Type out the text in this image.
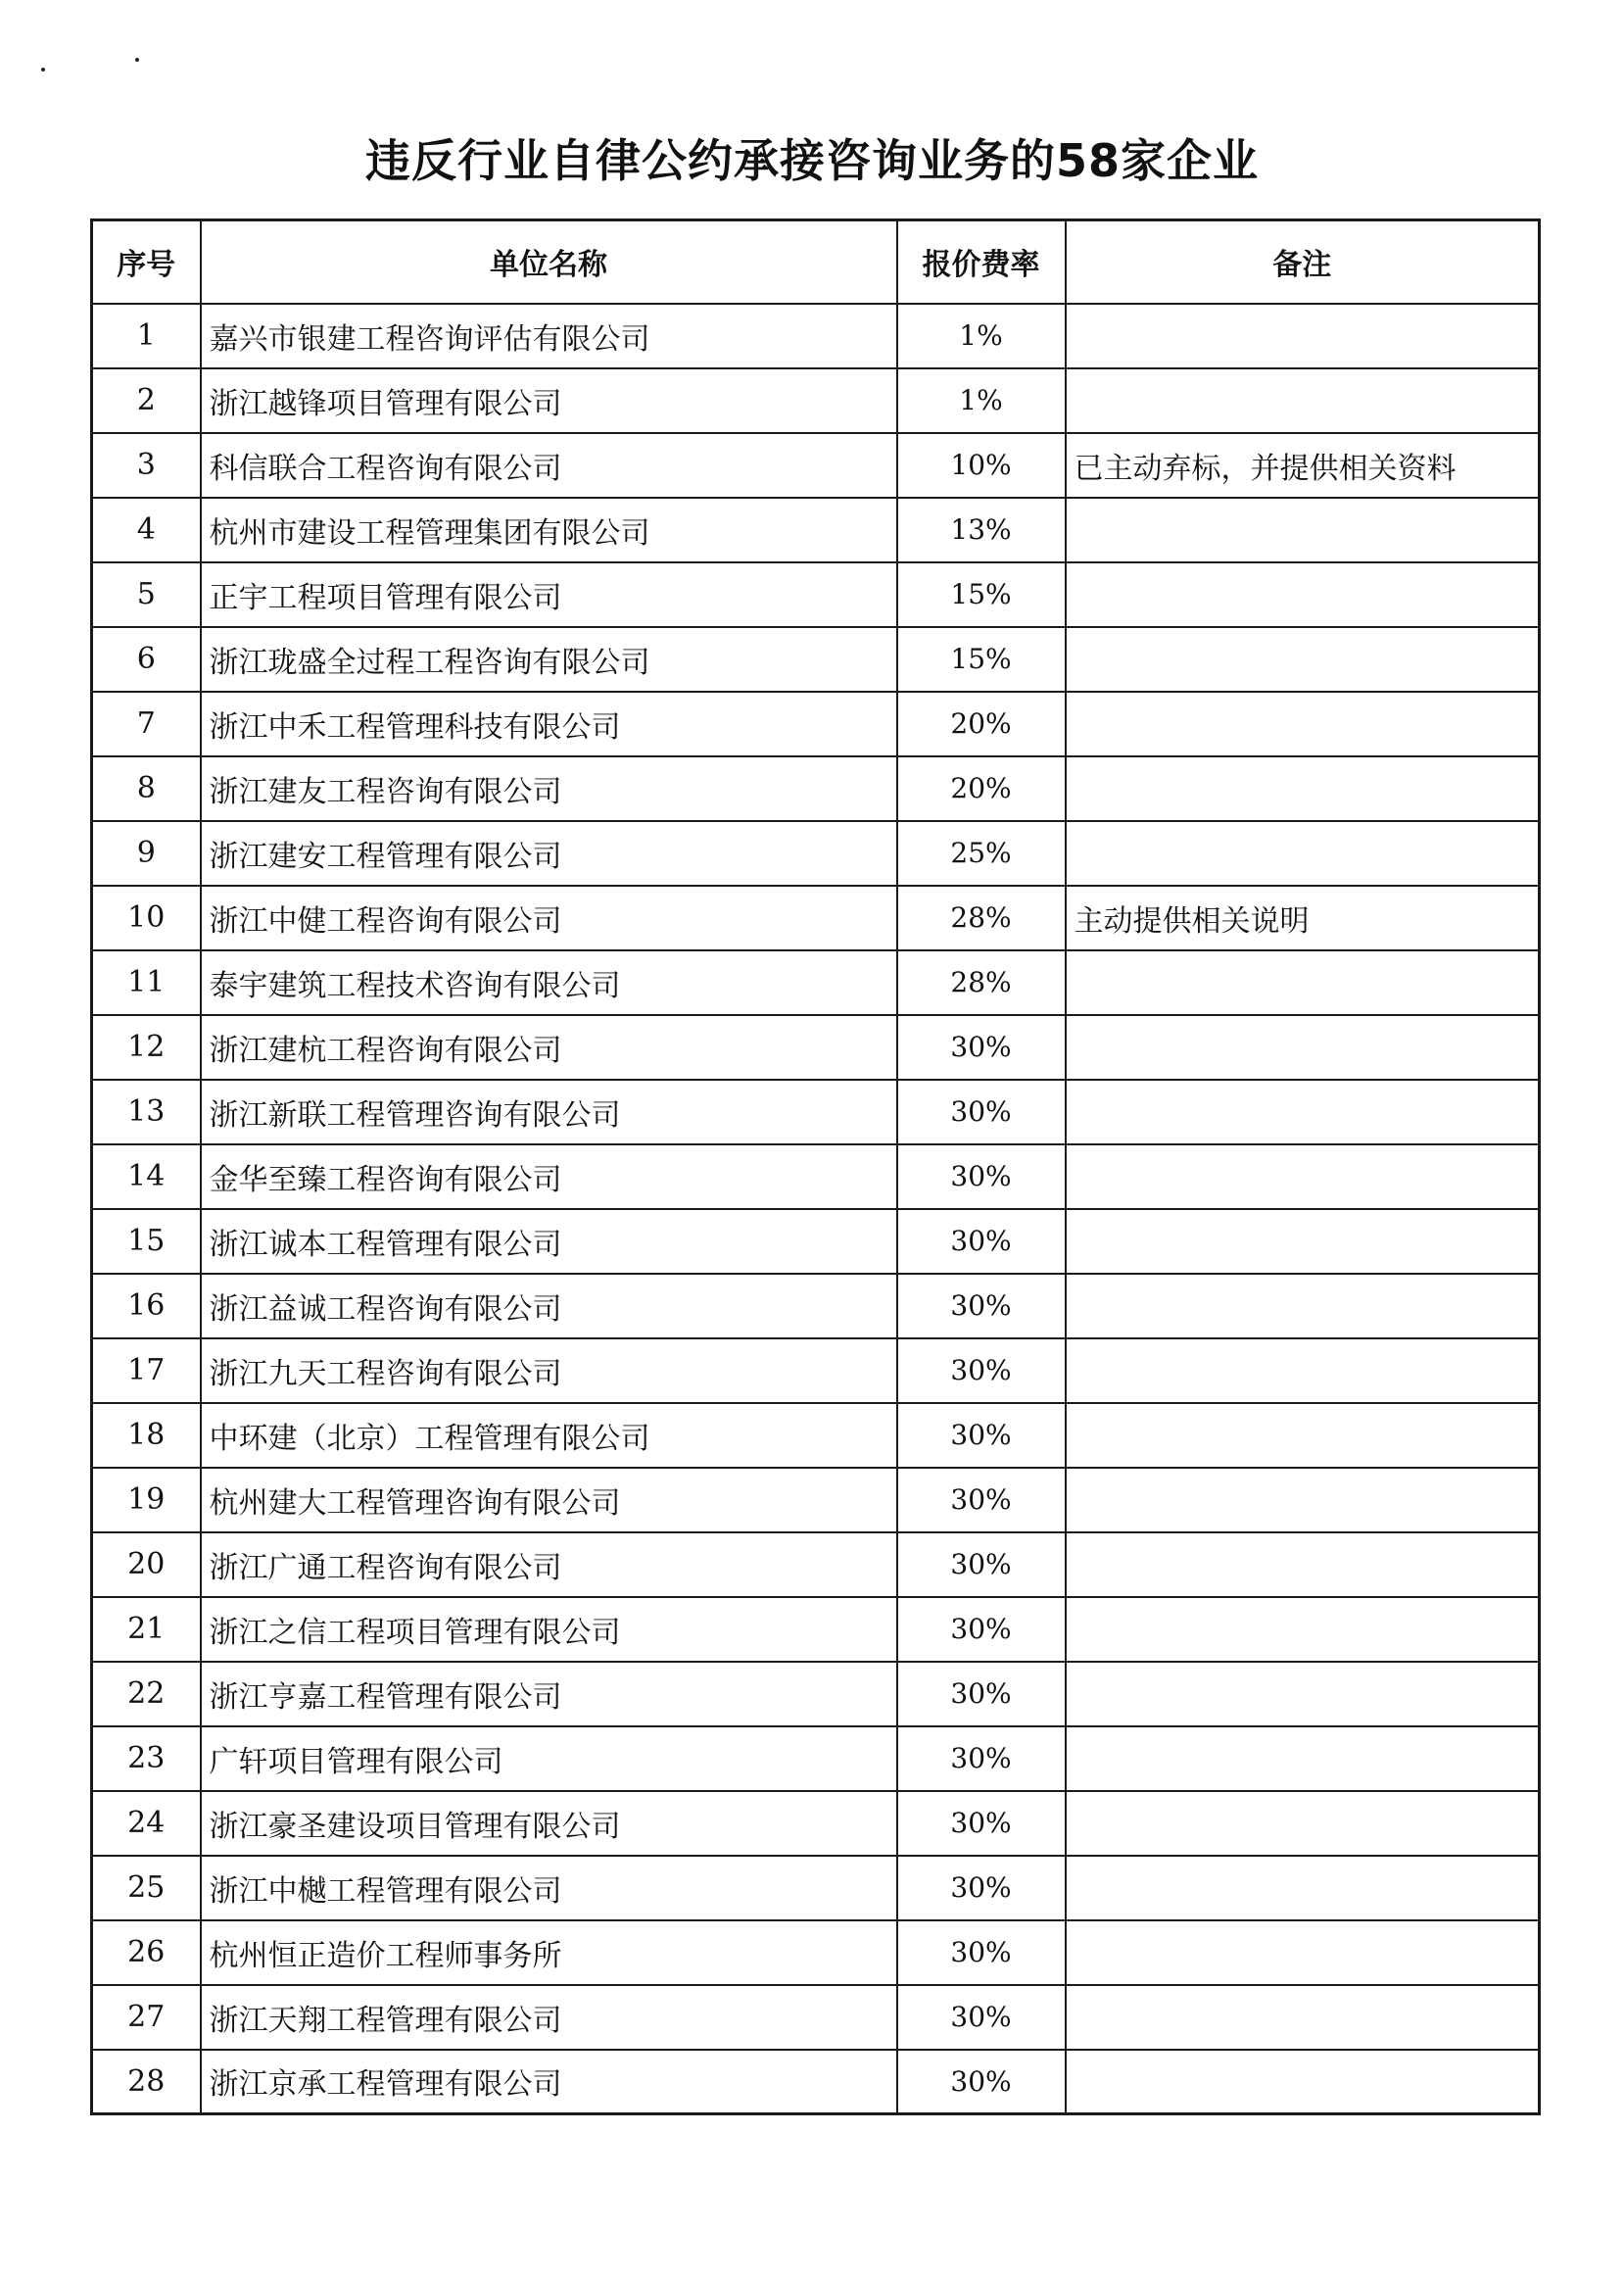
违反行业自律公约承接咨询业务的58家企业
序号	单位名称	报价费率	备注
1	嘉兴市银建工程咨询评估有限公司	1%	
2	浙江越锋项目管理有限公司	1%	
3	科信联合工程咨询有限公司	10%	已主动弃标，并提供相关资料
4	杭州市建设工程管理集团有限公司	13%	
5	正宇工程项目管理有限公司	15%	
6	浙江珑盛全过程工程咨询有限公司	15%	
7	浙江中禾工程管理科技有限公司	20%	
8	浙江建友工程咨询有限公司	20%	
9	浙江建安工程管理有限公司	25%	
10	浙江中健工程咨询有限公司	28%	主动提供相关说明
11	泰宇建筑工程技术咨询有限公司	28%	
12	浙江建杭工程咨询有限公司	30%	
13	浙江新联工程管理咨询有限公司	30%	
14	金华至臻工程咨询有限公司	30%	
15	浙江诚本工程管理有限公司	30%	
16	浙江益诚工程咨询有限公司	30%	
17	浙江九天工程咨询有限公司	30%	
18	中环建（北京）工程管理有限公司	30%	
19	杭州建大工程管理咨询有限公司	30%	
20	浙江广通工程咨询有限公司	30%	
21	浙江之信工程项目管理有限公司	30%	
22	浙江亨嘉工程管理有限公司	30%	
23	广轩项目管理有限公司	30%	
24	浙江豪圣建设项目管理有限公司	30%	
25	浙江中樾工程管理有限公司	30%	
26	杭州恒正造价工程师事务所	30%	
27	浙江天翔工程管理有限公司	30%	
28	浙江京承工程管理有限公司	30%	
